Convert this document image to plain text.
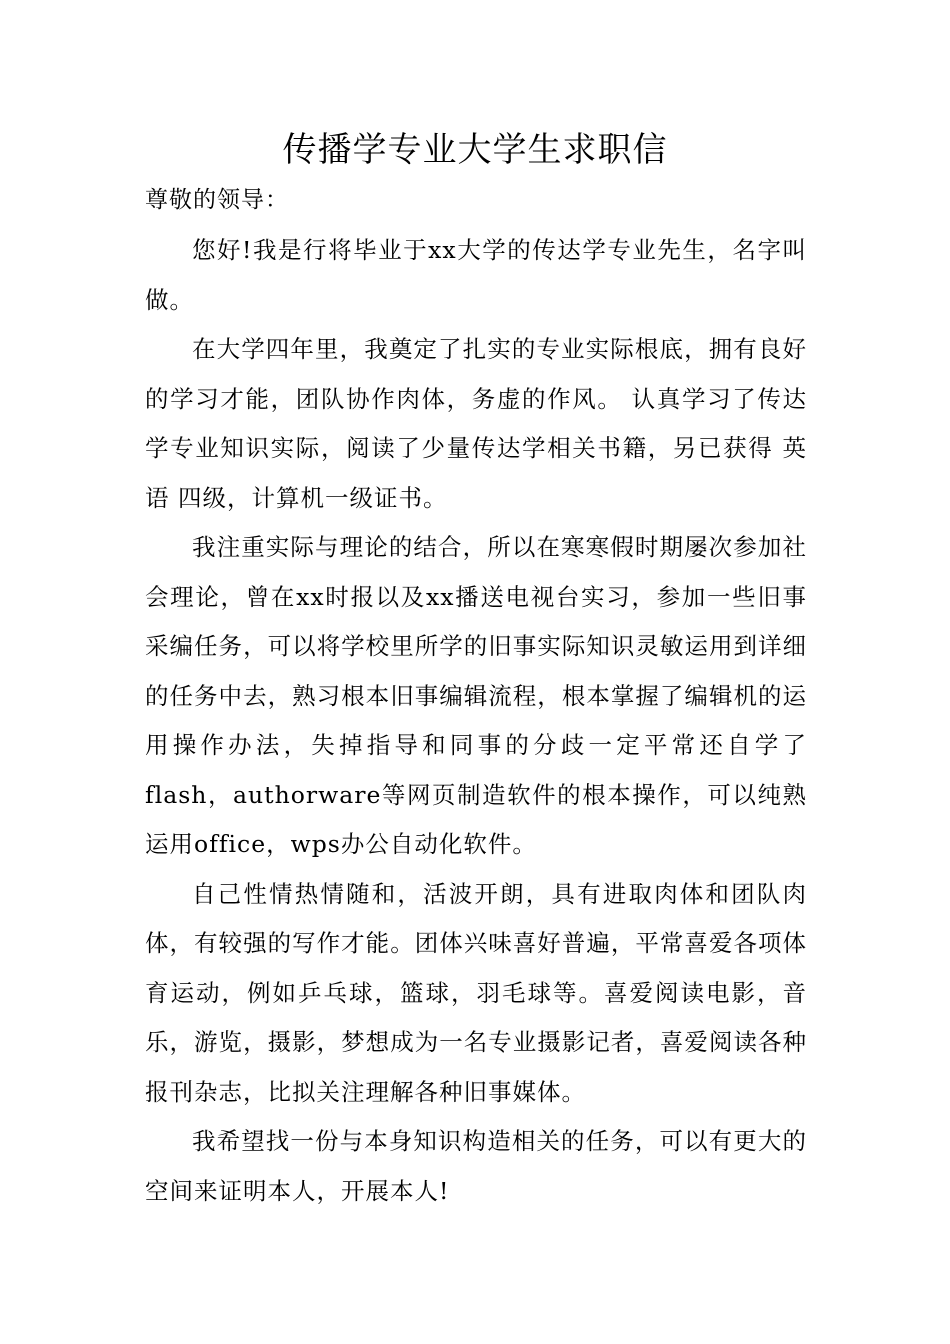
传播学专业大学生求职信
尊敬的领导：

您好!我是行将毕业于xx大学的传达学专业先生，名字叫做。

在大学四年里，我奠定了扎实的专业实际根底，拥有良好的学习才能，团队协作肉体，务虚的作风。 认真学习了传达学专业知识实际，阅读了少量传达学相关书籍，另已获得 英语 四级，计算机一级证书。

我注重实际与理论的结合，所以在寒寒假时期屡次参加社会理论，曾在xx时报以及xx播送电视台实习，参加一些旧事采编任务，可以将学校里所学的旧事实际知识灵敏运用到详细的任务中去，熟习根本旧事编辑流程，根本掌握了编辑机的运用操作办法，失掉指导和同事的分歧一定平常还自学了flash，authorware等网页制造软件的根本操作，可以纯熟运用office，wps办公自动化软件。

自己性情热情随和，活波开朗，具有进取肉体和团队肉体，有较强的写作才能。团体兴味喜好普遍，平常喜爱各项体育运动，例如乒乓球，篮球，羽毛球等。喜爱阅读电影，音乐，游览，摄影，梦想成为一名专业摄影记者，喜爱阅读各种报刊杂志，比拟关注理解各种旧事媒体。

我希望找一份与本身知识构造相关的任务，可以有更大的空间来证明本人，开展本人!
